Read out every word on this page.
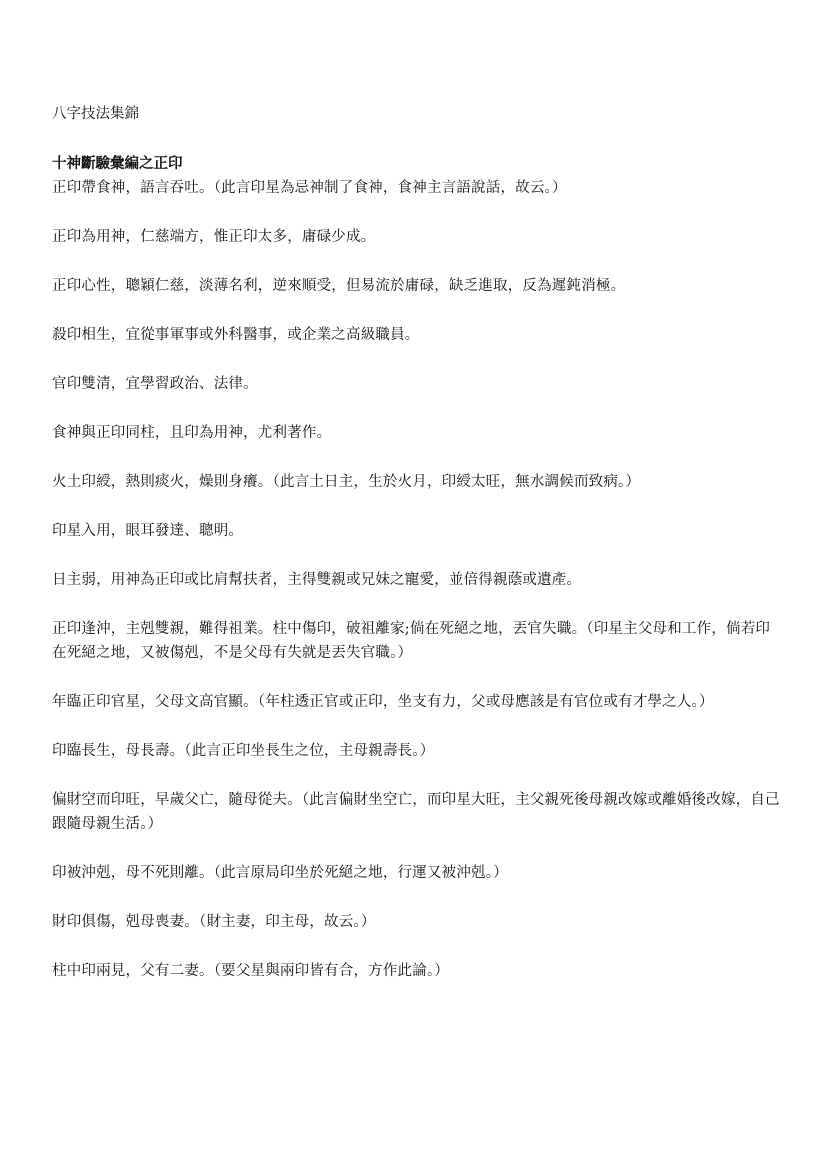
八字技法集錦

十神斷驗彙編之正印

正印帶食神，語言吞吐。（此言印星為忌神制了食神，食神主言語說話，故云。）

正印為用神，仁慈端方，惟正印太多，庸碌少成。

正印心性，聰穎仁慈，淡薄名利，逆來順受，但易流於庸碌，缺乏進取，反為遲鈍消極。

殺印相生，宜從事軍事或外科醫事，或企業之高級職員。

官印雙清，宜學習政治、法律。

食神與正印同柱，且印為用神，尤利著作。

火土印綬，熱則痰火，燥則身癢。（此言土日主，生於火月，印綬太旺，無水調候而致病。）

印星入用，眼耳發達、聰明。

日主弱，用神為正印或比肩幫扶者，主得雙親或兄妹之寵愛，並倍得親蔭或遺產。

正印逢沖，主剋雙親，難得祖業。柱中傷印，破祖離家;倘在死絕之地，丟官失職。（印星主父母和工作，倘若印在死絕之地，又被傷剋，不是父母有失就是丟失官職。）

年臨正印官星，父母文高官顯。（年柱透正官或正印，坐支有力，父或母應該是有官位或有才學之人。）

印臨長生，母長壽。（此言正印坐長生之位，主母親壽長。）

偏財空而印旺，早歲父亡，隨母從夫。（此言偏財坐空亡，而印星大旺，主父親死後母親改嫁或離婚後改嫁，自己跟隨母親生活。）

印被沖剋，母不死則離。（此言原局印坐於死絕之地，行運又被沖剋。）

財印俱傷，剋母喪妻。（財主妻，印主母，故云。）

柱中印兩見，父有二妻。（要父星與兩印皆有合，方作此論。）
